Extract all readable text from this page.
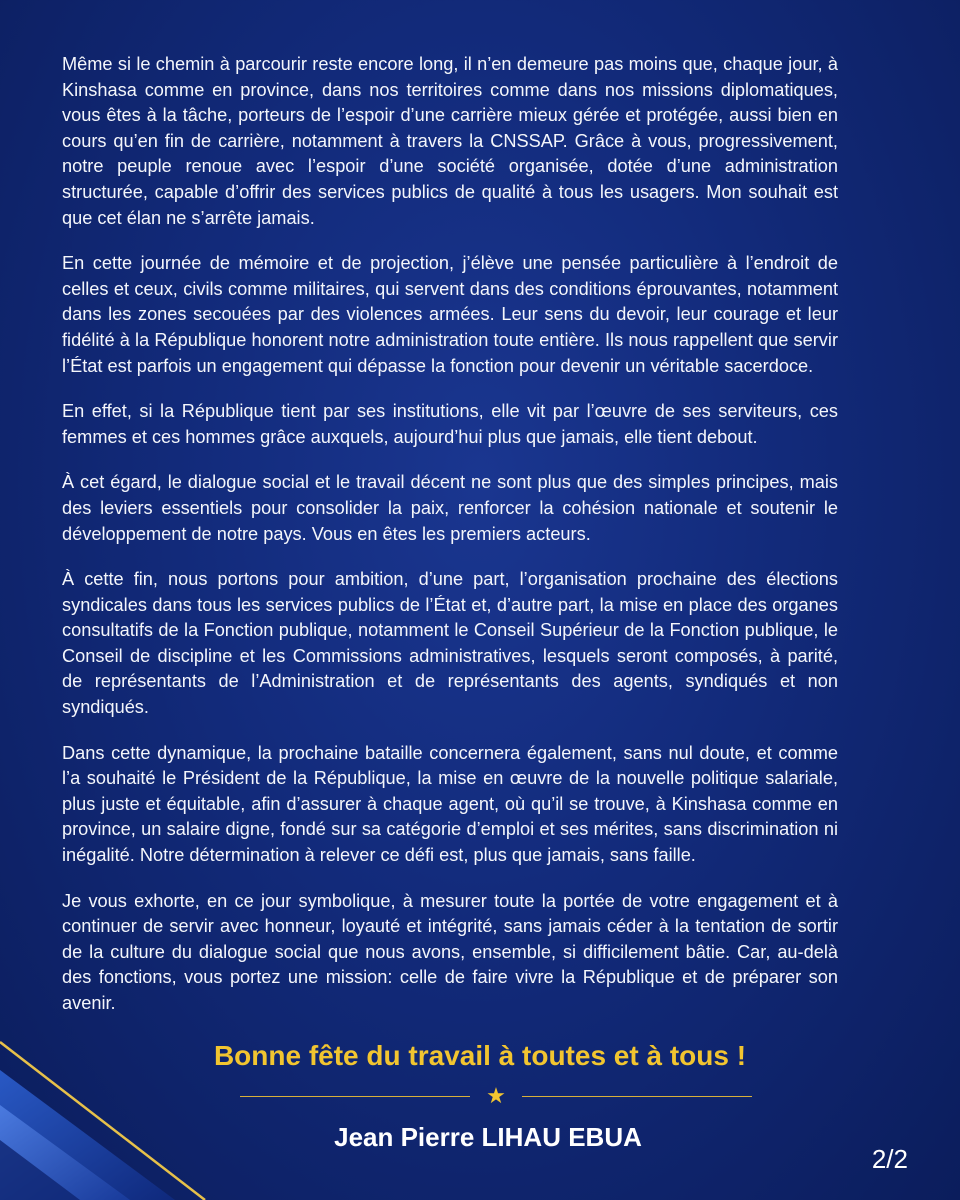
Même si le chemin à parcourir reste encore long, il n’en demeure pas moins que, chaque jour, à Kinshasa comme en province, dans nos territoires comme dans nos missions diplomatiques, vous êtes à la tâche, porteurs de l’espoir d’une carrière mieux gérée et protégée, aussi bien en cours qu’en fin de carrière, notamment à travers la CNSSAP. Grâce à vous, progressivement, notre peuple renoue avec l’espoir d’une société organisée, dotée d’une administration structurée, capable d’offrir des services publics de qualité à tous les usagers. Mon souhait est que cet élan ne s’arrête jamais.

En cette journée de mémoire et de projection, j’élève une pensée particulière à l’endroit de celles et ceux, civils comme militaires, qui servent dans des conditions éprouvantes, notamment dans les zones secouées par des violences armées. Leur sens du devoir, leur courage et leur fidélité à la République honorent notre administration toute entière. Ils nous rappellent que servir l’État est parfois un engagement qui dépasse la fonction pour devenir un véritable sacerdoce.

En effet, si la République tient par ses institutions, elle vit par l’œuvre de ses serviteurs, ces femmes et ces hommes grâce auxquels, aujourd’hui plus que jamais, elle tient debout.

À cet égard, le dialogue social et le travail décent ne sont plus que des simples principes, mais des leviers essentiels pour consolider la paix, renforcer la cohésion nationale et soutenir le développement de notre pays. Vous en êtes les premiers acteurs.

À cette fin, nous portons pour ambition, d’une part, l’organisation prochaine des élections syndicales dans tous les services publics de l’État et, d’autre part, la mise en place des organes consultatifs de la Fonction publique, notamment le Conseil Supérieur de la Fonction publique, le Conseil de discipline et les Commissions administratives, lesquels seront composés, à parité, de représentants de l’Administration et de représentants des agents, syndiqués et non syndiqués.

Dans cette dynamique, la prochaine bataille concernera également, sans nul doute, et comme l’a souhaité le Président de la République, la mise en œuvre de la nouvelle politique salariale, plus juste et équitable, afin d’assurer à chaque agent, où qu’il se trouve, à Kinshasa comme en province, un salaire digne, fondé sur sa catégorie d’emploi et ses mérites, sans discrimination ni inégalité. Notre détermination à relever ce défi est, plus que jamais, sans faille.

Je vous exhorte, en ce jour symbolique, à mesurer toute la portée de votre engagement et à continuer de servir avec honneur, loyauté et intégrité, sans jamais céder à la tentation de sortir de la culture du dialogue social que nous avons, ensemble, si difficilement bâtie. Car, au-delà des fonctions, vous portez une mission: celle de faire vivre la République et de préparer son avenir.

Bonne fête du travail à toutes et à tous !
★
Jean Pierre LIHAU EBUA
2/2
